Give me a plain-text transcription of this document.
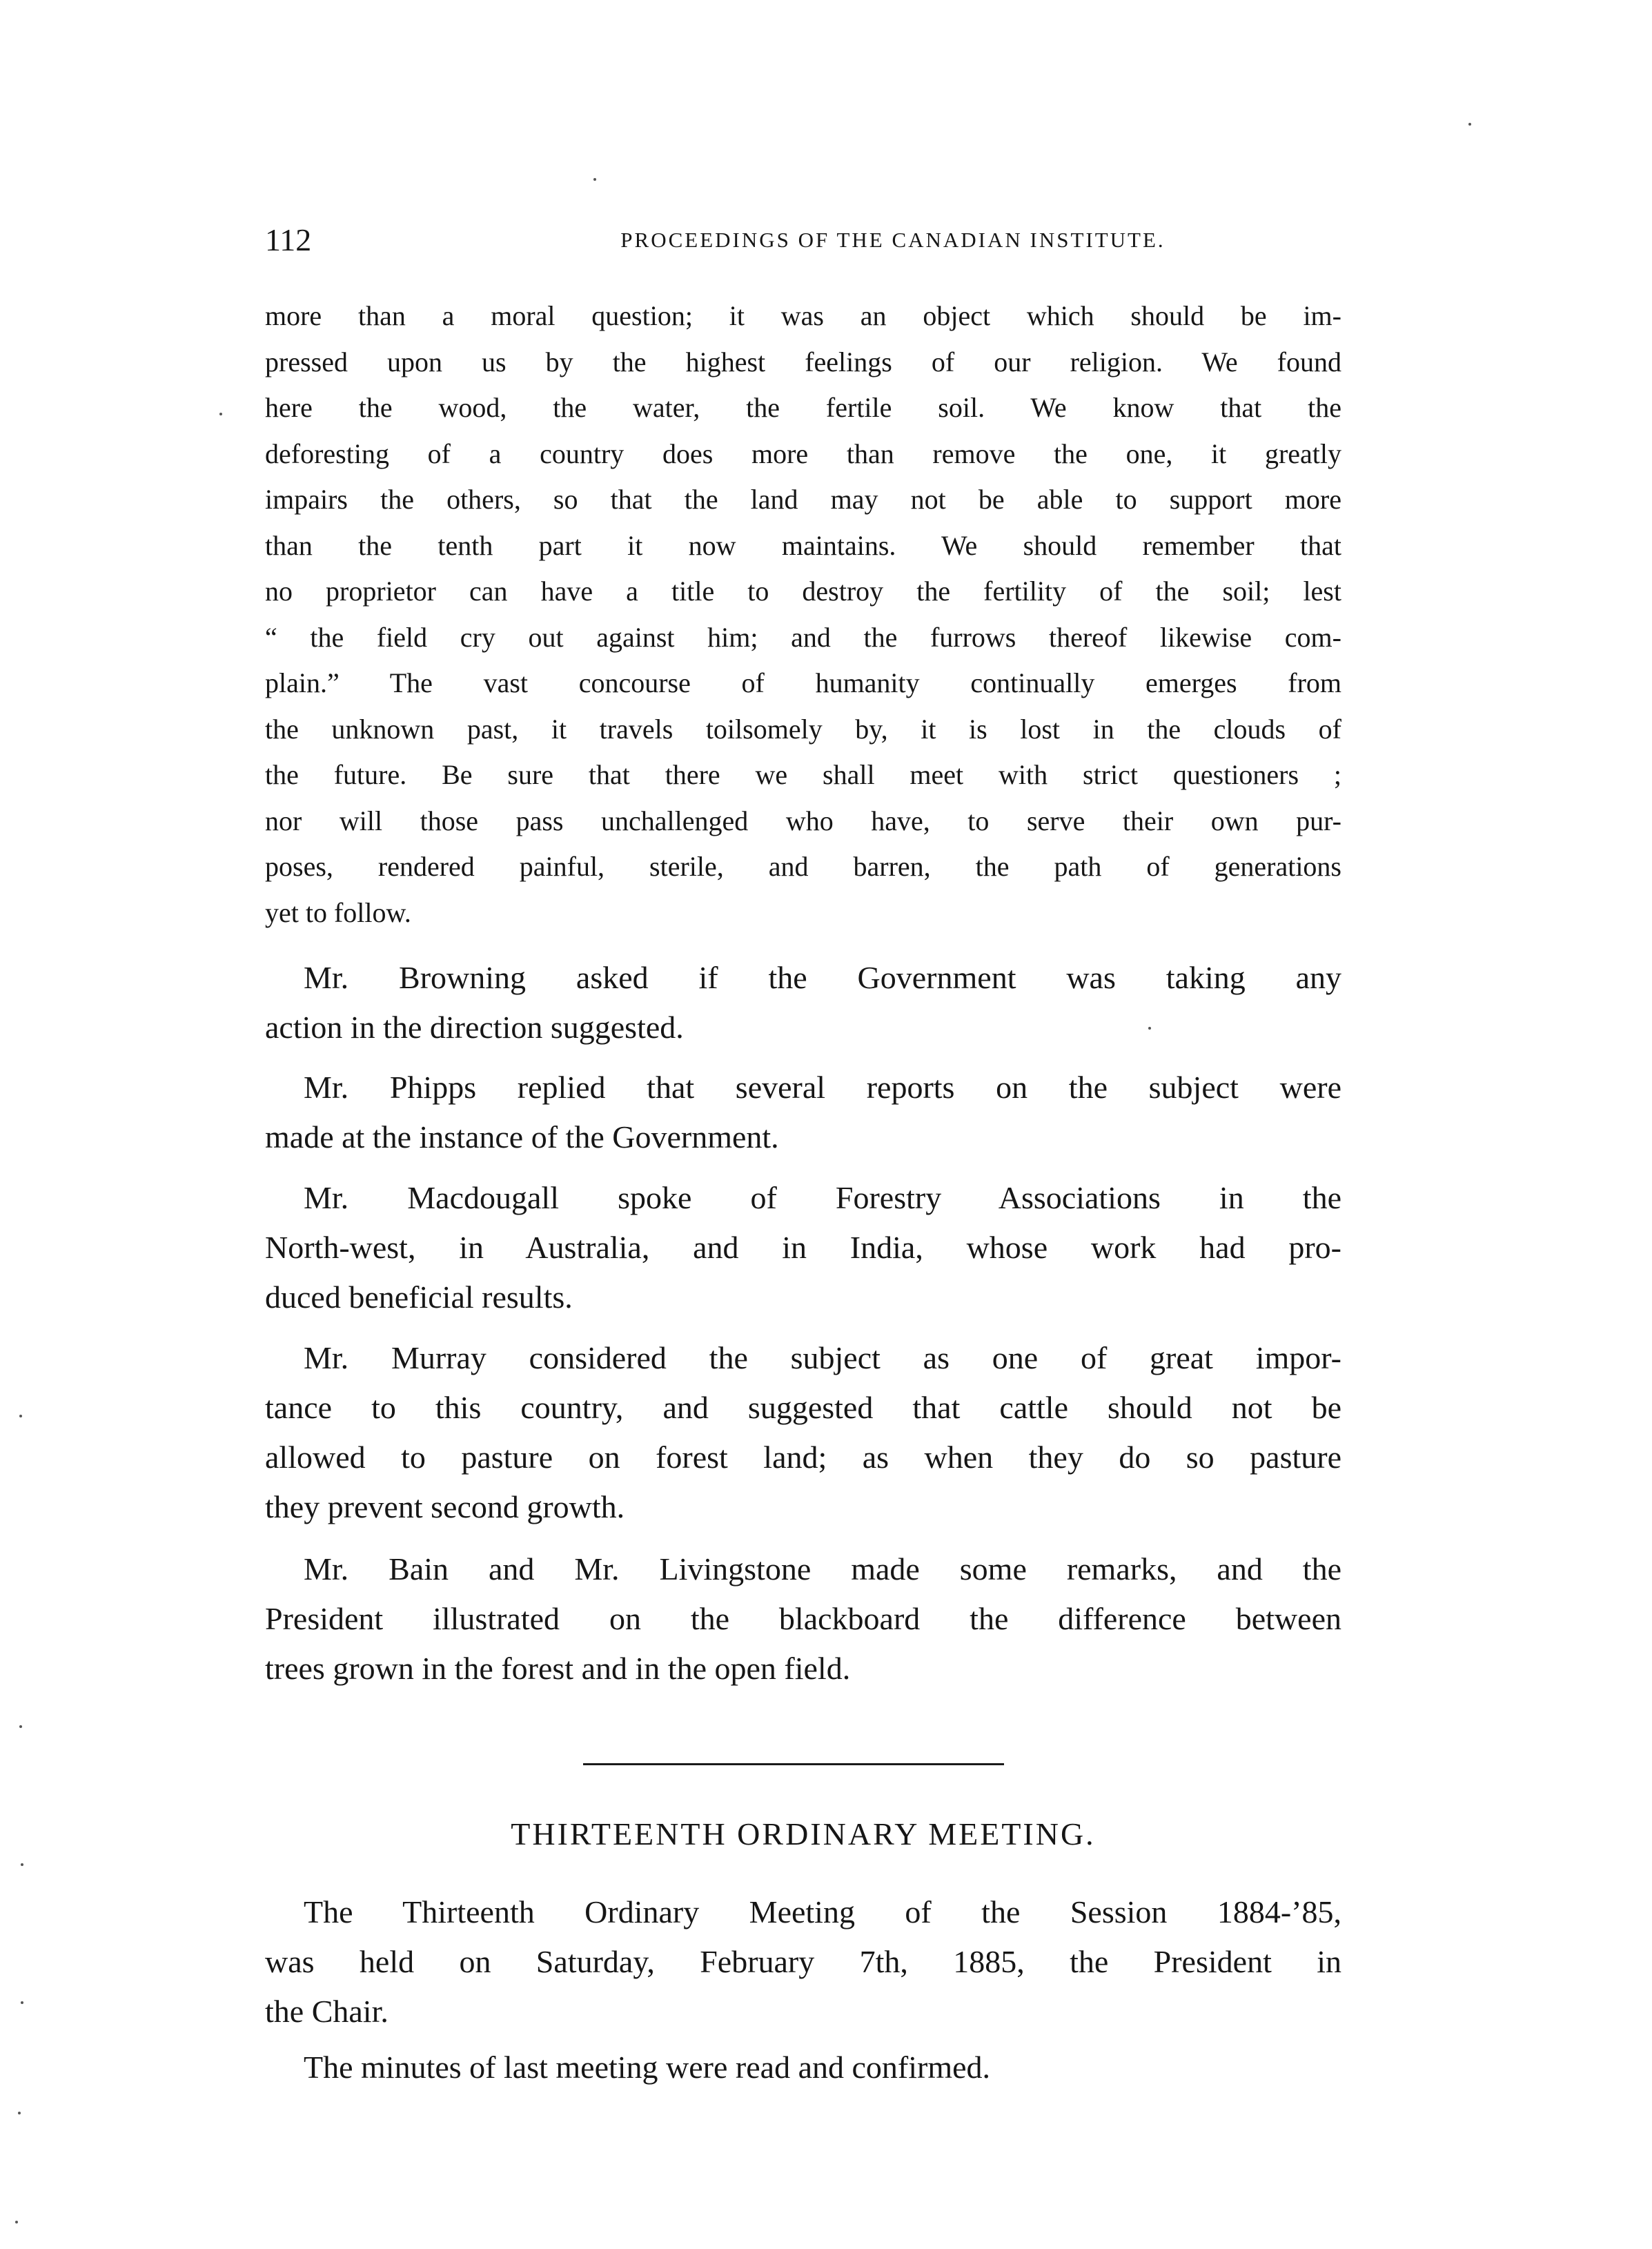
112	PROCEEDINGS OF THE CANADIAN INSTITUTE.
more than a moral question; it was an object which should be im-
pressed upon us by the highest feelings of our religion. We found
here the wood, the water, the fertile soil. We know that the
deforesting of a country does more than remove the one, it greatly
impairs the others, so that the land may not be able to support more
than the tenth part it now maintains. We should remember that
no proprietor can have a title to destroy the fertility of the soil; lest
“ the field cry out against him; and the furrows thereof likewise com-
plain.” The vast concourse of humanity continually emerges from
the unknown past, it travels toilsomely by, it is lost in the clouds of
the future. Be sure that there we shall meet with strict questioners ;
nor will those pass unchallenged who have, to serve their own pur-
poses, rendered painful, sterile, and barren, the path of generations
yet to follow.
Mr. Browning asked if the Government was taking any
action in the direction suggested.
Mr. Phipps replied that several reports on the subject were
made at the instance of the Government.
Mr. Macdougall spoke of Forestry Associations in the
North-west, in Australia, and in India, whose work had pro-
duced beneficial results.
Mr. Murray considered the subject as one of great impor-
tance to this country, and suggested that cattle should not be
allowed to pasture on forest land; as when they do so pasture
they prevent second growth.
Mr. Bain and Mr. Livingstone made some remarks, and the
President illustrated on the blackboard the difference between
trees grown in the forest and in the open field.
THIRTEENTH ORDINARY MEETING.
The Thirteenth Ordinary Meeting of the Session 1884-’85,
was held on Saturday, February 7th, 1885, the President in
the Chair.
The minutes of last meeting were read and confirmed.
